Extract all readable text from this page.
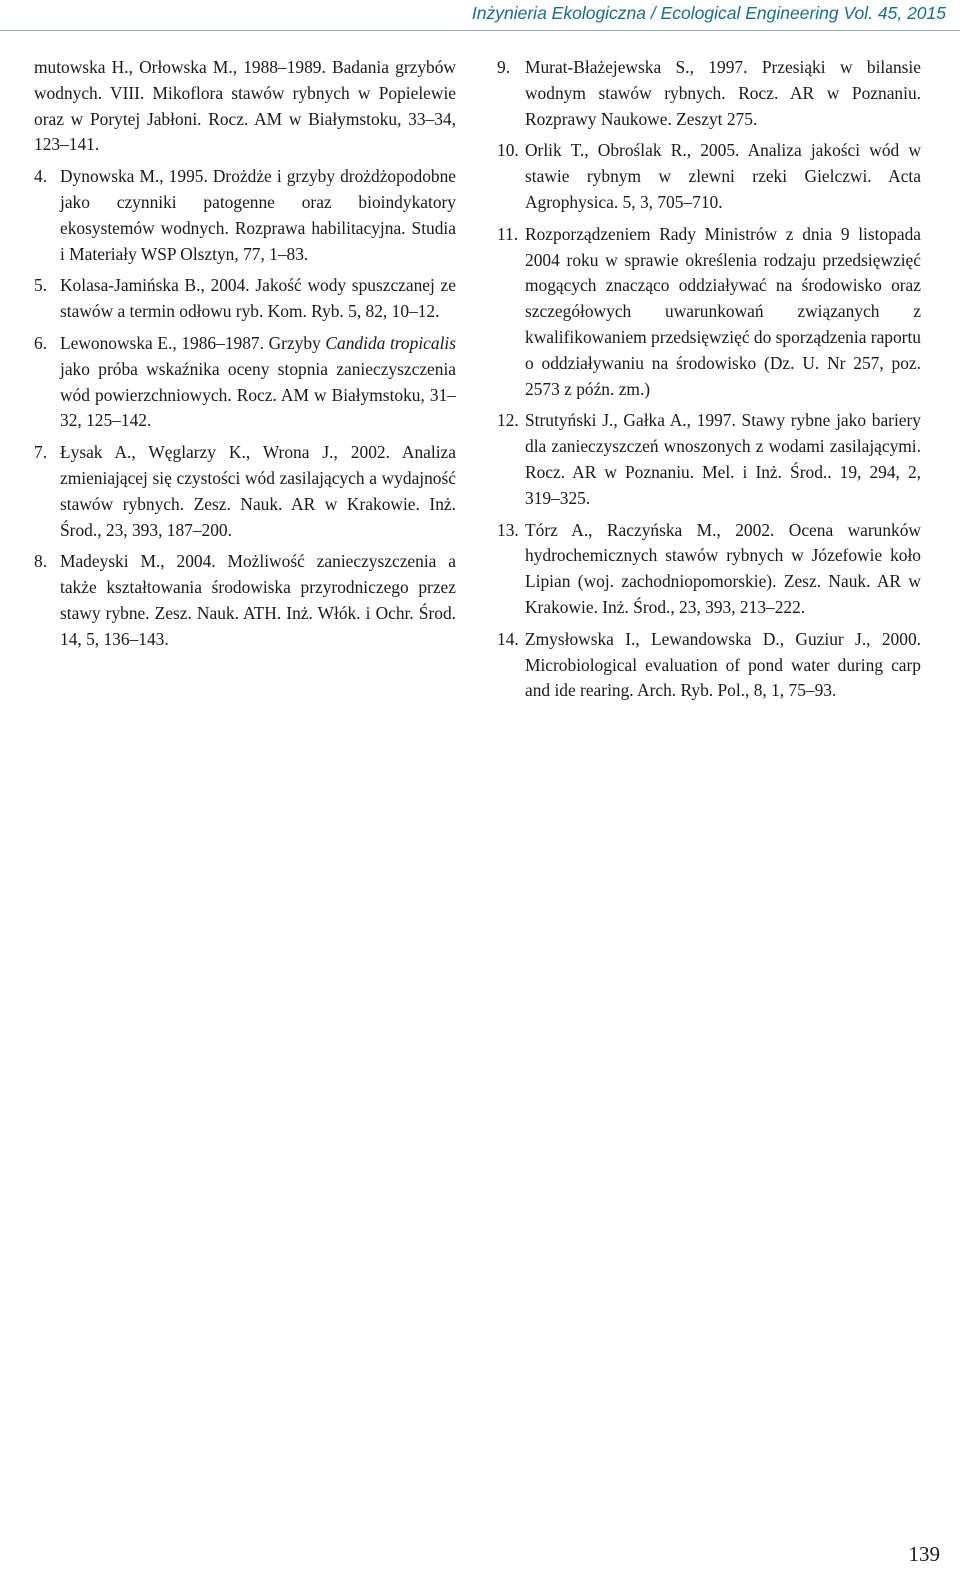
Inżynieria Ekologiczna / Ecological Engineering Vol. 45, 2015

mutowska H., Orłowska M., 1988–1989. Badania grzybów wodnych. VIII. Mikoflora stawów rybnych w Popielewie oraz w Porytej Jabłoni. Rocz. AM w Białymstoku, 33–34, 123–141.

4. Dynowska M., 1995. Drożdże i grzyby drożdżopodobne jako czynniki patogenne oraz bioindykatory ekosystemów wodnych. Rozprawa habilitacyjna. Studia i Materiały WSP Olsztyn, 77, 1–83.

5. Kolasa-Jamińska B., 2004. Jakość wody spuszczanej ze stawów a termin odłowu ryb. Kom. Ryb. 5, 82, 10–12.

6. Lewonowska E., 1986–1987. Grzyby Candida tropicalis jako próba wskaźnika oceny stopnia zanieczyszczenia wód powierzchniowych. Rocz. AM w Białymstoku, 31–32, 125–142.

7. Łysak A., Węglarzy K., Wrona J., 2002. Analiza zmieniającej się czystości wód zasilających a wydajność stawów rybnych. Zesz. Nauk. AR w Krakowie. Inż. Środ., 23, 393, 187–200.

8. Madeyski M., 2004. Możliwość zanieczyszczenia a także kształtowania środowiska przyrodniczego przez stawy rybne. Zesz. Nauk. ATH. Inż. Włók. i Ochr. Środ. 14, 5, 136–143.

9. Murat-Błażejewska S., 1997. Przesiąki w bilansie wodnym stawów rybnych. Rocz. AR w Poznaniu. Rozprawy Naukowe. Zeszyt 275.

10. Orlik T., Obroślak R., 2005. Analiza jakości wód w stawie rybnym w zlewni rzeki Gielczwi. Acta Agrophysica. 5, 3, 705–710.

11. Rozporządzeniem Rady Ministrów z dnia 9 listopada 2004 roku w sprawie określenia rodzaju przedsięwzięć mogących znacząco oddziaływać na środowisko oraz szczegółowych uwarunkowań związanych z kwalifikowaniem przedsięwzięć do sporządzenia raportu o oddziaływaniu na środowisko (Dz. U. Nr 257, poz. 2573 z późn. zm.)

12. Strutyński J., Gałka A., 1997. Stawy rybne jako bariery dla zanieczyszczeń wnoszonych z wodami zasilającymi. Rocz. AR w Poznaniu. Mel. i Inż. Środ.. 19, 294, 2, 319–325.

13. Tórz A., Raczyńska M., 2002. Ocena warunków hydrochemicznych stawów rybnych w Józefowie koło Lipian (woj. zachodniopomorskie). Zesz. Nauk. AR w Krakowie. Inż. Środ., 23, 393, 213–222.

14. Zmysłowska I., Lewandowska D., Guziur J., 2000. Microbiological evaluation of pond water during carp and ide rearing. Arch. Ryb. Pol., 8, 1, 75–93.

139
